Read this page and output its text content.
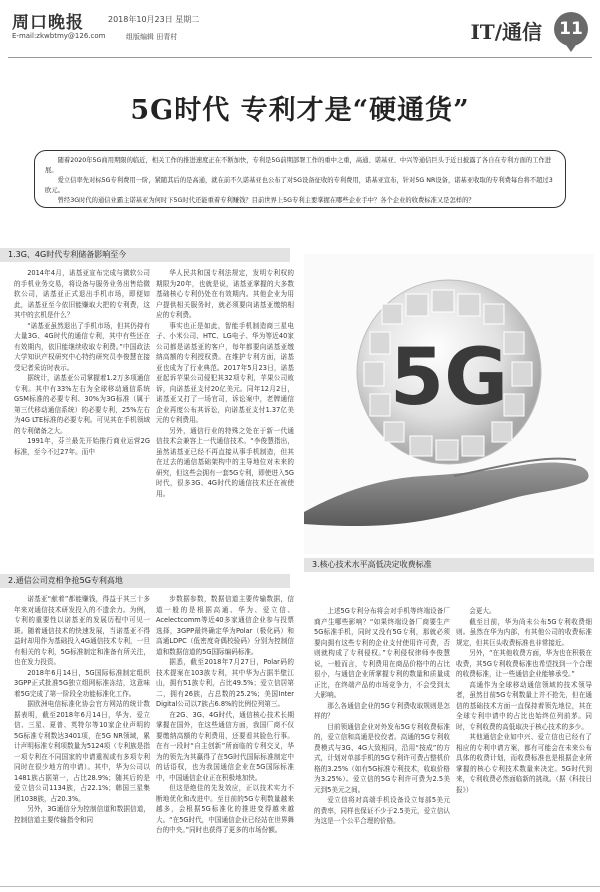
周口晚报	2018年10月23日 星期二
E-mail:zkwbtmy@126.com	组版编辑 田青村	IT/通信	11
5G时代 专利才是“硬通货”

随着2020年5G商用期限的临近，相关工作的推进速度正在不断加快，专利是5G前期部署工作的重中之重，高通、诺基亚、中兴等通信巨头于近日披露了各自在专利方面的工作进展。

爱立信率先对标5G专利费用一阶，紧随其后的是高通，就在前不久诺基亚也公布了对5G设备征收的专利费用，诺基亚宣布，针对5G NR设备，诺基亚收取的专利费每台将不超过3欧元。

曾经3G时代的通信业霸主诺基亚为何时下5G时代还能重着专利赚钱？目前世界上5G专利主要掌握在哪些企业手中？各个企业的收费标准又是怎样的？

1.3G、4G时代专利储备影响至今

2014年4月，诺基亚宣布完成与微软公司的手机业务交易，将设备与服务业务出售给微软公司，诺基亚正式退出手机市场，即便如此，诺基亚至今依旧能赚取大把的专利费，这其中的玄机是什么？

“诺基亚虽然退出了手机市场，但其仍持有大量3G、4G时代的通信专利，其中有些还在有效期内，依旧能继续收取专利费。”中国政法大学知识产权研究中心特约研究员李俊慧在接受记者采访时表示。

据统计，诺基亚公司掌握着1.2万多项通信专利。其中有33%左右为全球移动通信系统GSM标准的必要专利、30%为3G标准（属于第三代移动通信系统）的必要专利，25%左右为4G LTE标准的必要专利。可见其在手机领域的专利储备之大。

1991年，芬兰最先开始推行商业运营2G标准，至今不过27年。而中

华人民共和国专利法规定，发明专利权的期限为20年，也就是说，诺基亚掌握的大多数基础核心专利仍处在有效期内。其他企业为用户提供相关服务时，就必须要向诺基亚缴纳相应的专利费。

事实也正是如此，智能手机制造商三星电子、小米公司、HTC、LG电子、华为等近40家公司都是诺基亚的客户，每年都要向诺基亚缴纳高额的专利授权费。在维护专利方面，诺基亚也成为了行业典范。2017年5月23日，诺基亚起诉苹果公司侵犯其32项专利，苹果公司败诉，向诺基亚支付20亿美元。同年12月2日，诺基亚又打了一场官司，诉讼案中，老牌通信企业再度公布其诉讼，向诺基亚支付1.37亿美元的专利费用。

另外，通信行业的特殊之处在于新一代通信技术会兼容上一代通信技术。“李俊慧指出，虽然诺基亚已经不再直接从事手机制造，但其在过去的通信基础架构中的主导地位对未来的研究，但这些会拥有一套5G专利，即使进入5G时代，很多3G、4G时代的通信技术还在被使用。

5G
2.通信公司竞相争抢5G专利高地
3.核心技术水平高低决定收费标准

诺基亚“献着”都能赚钱，得益于其三十多年来对通信技术研发投入的不遗余力。为例，专利的重要性以诺基亚的发展历程中可见一斑。随着通信技术的快速发展，当诺基亚不得益时却用作为基础投入4G通信技术专利，一旦有相关的专利，5G标准制定和准备有所关注，也在发力投资。

2018年6月14日，5G国际标准制定组织3GPP正式批准5G独立组网标准冻结，这意味着5G完成了第一阶段全功能标准化工作。

据欧洲电信标准化协会官方网站的统计数据表明，截至2018年6月14日，华为、爱立信、三星、夏普、英特尔等10家企业声明的5G标准专利数达3401项，在5G NR领域，累计声明标准专利项数量为5124项（专利族是指一项专利在不同国家的申请重视或有多项专利同时在很少地方的申请）。其中，华为公司以1481族占据第一，占比28.9%；随其后的是爱立信公司1134族，占22.1%；韩国三星集团1038族，占20.3%。

另外，3G通信分为控制信道和数据信道，控制信道主要传输指令和同

步数据参数，数据信道主要传输数据，信道一般的是根据高通、华为、爱立信、Acelectcomm等近40多家通信企业参与投票选择，3GPP最终确定华为Polar（极化码）和高通LDPC（低密度奇偶校验码）分别为控制信道和数据信道的5G国际编码标准。

据悉，截至2018年7月27日，Polar码的技术提案在103族专利，其中华为占据半壁江山，拥有51族专利，占比49.5%；爱立信居第二，拥有26族，占总数的25.2%；美国Inter Digital公司以7族占6.8%的比例位列第三。

在2G、3G、4G时代，通信核心技术长期掌握在国外，在这些通信方面，我国厂商不仅要缴纳高额的专利费用，还要看其脸色行事。在有一段时“自主创新”所面临的专利交叉，华为的领先为其赢得了在5G时代国际标准制定中的话语权，也为我国通信企业在5G国际标准中，中国通信企业正在积极地加快。

但这是绝佳的先发效应，正以技术实力不断地优化和改进中。至目前的5G专利数量越来越多，会根据5G标准化的推进变得越来越大。“在5G时代，中国通信企业已经站在世界舞台的中央。”同时也获得了更多的市场份额。

上述5G专利分布将会对手机等终端设备厂商产生哪些影响？“如果终端设备厂商要生产5G标准手机，同时又没有5G专利，那就必须要向拥有这些专利的企业支付使用许可费，否则就构成了专利侵权。”专利侵权律师李俊慧说，一般而言，专利费用在商品价格中的占比很小，与通信企业所掌握专利的数量和质量成正比，在终端产品的市场竞争力，不会受到太大影响。

那么各通信企业的5G专利费收取规则是怎样的？

目前领通信企业对外发布5G专利收费标准的，爱立信和高通是佼佼者。高通的5G专利收费模式与3G、4G大致相同，沿用“按成”的方式，计划对单部手机的5G专利许可费占整机价格的3.25%（如有5G标准专利技术，收取价格为3.25%）。爱立信的5G专利许可费为2.5美元到5美元之间。

爱立信将对高端手机设备设立每部5美元的费率，同样也保证不少于2.5美元，爱立信认为这是一个公平合理的价格。

会更大。

截至目前，华为尚未公布5G专利收费细则。虽然在华为内部，有其他公司的收费标准规定，但其巨头收费标准也非常接近。

另外，“在其他收费方面，华为也在积极在收费，其5G专利收费标准也希望找到一个合理的收费标准，让一些通信企业能够承受。”

高通作为全球移动通信领域的技术领导者，虽然目前5G专利数量上并不抢先，但在通信的基础技术方面一直保持着领先地位，其在全球专利申请中的占比也始终位列前茅。同时，专利收费的高低取决于核心技术的多少。

其他通信企业如中兴、爱立信也已经有了相应的专利申请方案，都有可能会在未来公布具体的收费计划，而收费标准也是根据企业所掌握的核心专利技术数量来决定。5G时代到来，专利收费必然面临新的挑战。（据《科技日报》）
